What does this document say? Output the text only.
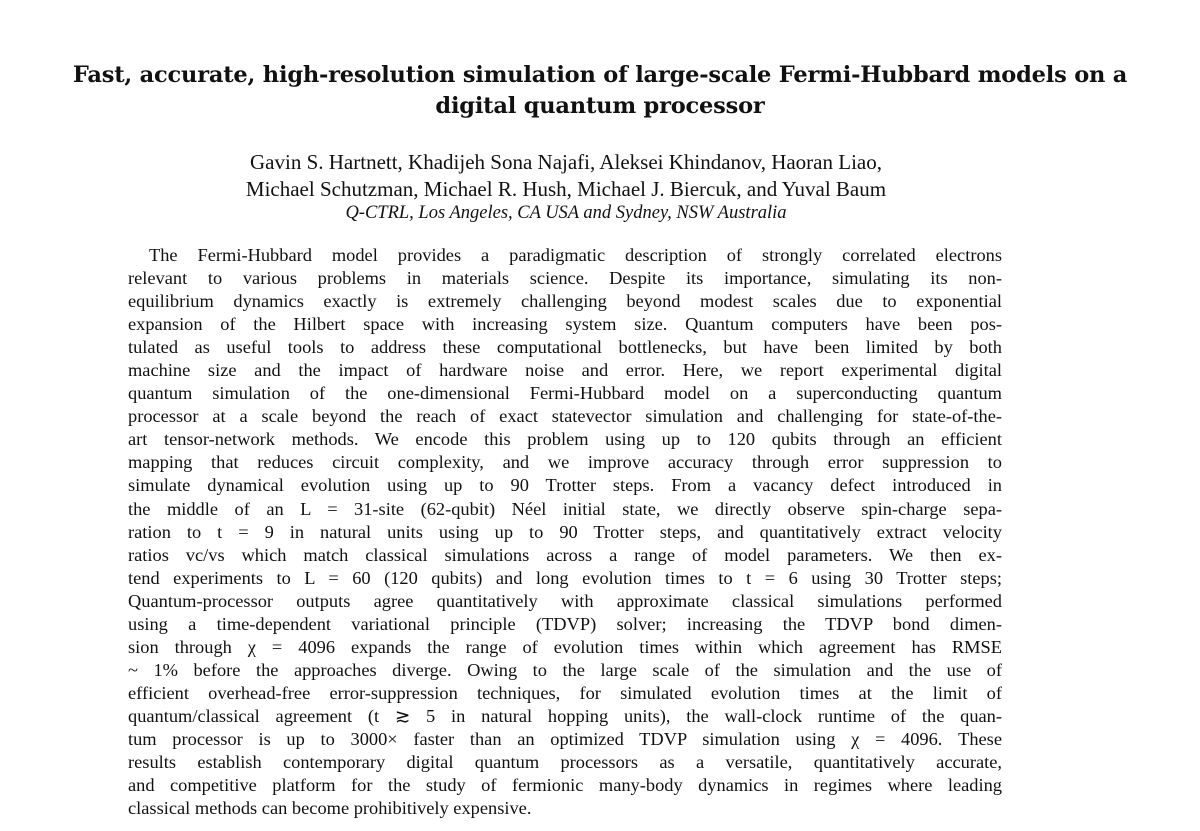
Fast, accurate, high-resolution simulation of large-scale Fermi-Hubbard models on a
digital quantum processor
Gavin S. Hartnett, Khadijeh Sona Najafi, Aleksei Khindanov, Haoran Liao,
Michael Schutzman, Michael R. Hush, Michael J. Biercuk, and Yuval Baum
Q-CTRL, Los Angeles, CA USA and Sydney, NSW Australia
The Fermi-Hubbard model provides a paradigmatic description of strongly correlated electrons
relevant to various problems in materials science. Despite its importance, simulating its non-
equilibrium dynamics exactly is extremely challenging beyond modest scales due to exponential
expansion of the Hilbert space with increasing system size. Quantum computers have been pos-
tulated as useful tools to address these computational bottlenecks, but have been limited by both
machine size and the impact of hardware noise and error. Here, we report experimental digital
quantum simulation of the one-dimensional Fermi-Hubbard model on a superconducting quantum
processor at a scale beyond the reach of exact statevector simulation and challenging for state-of-the-
art tensor-network methods. We encode this problem using up to 120 qubits through an efficient
mapping that reduces circuit complexity, and we improve accuracy through error suppression to
simulate dynamical evolution using up to 90 Trotter steps. From a vacancy defect introduced in
the middle of an L = 31-site (62-qubit) Néel initial state, we directly observe spin-charge sepa-
ration to t = 9 in natural units using up to 90 Trotter steps, and quantitatively extract velocity
ratios vc/vs which match classical simulations across a range of model parameters. We then ex-
tend experiments to L = 60 (120 qubits) and long evolution times to t = 6 using 30 Trotter steps;
Quantum-processor outputs agree quantitatively with approximate classical simulations performed
using a time-dependent variational principle (TDVP) solver; increasing the TDVP bond dimen-
sion through χ = 4096 expands the range of evolution times within which agreement has RMSE
~ 1% before the approaches diverge. Owing to the large scale of the simulation and the use of
efficient overhead-free error-suppression techniques, for simulated evolution times at the limit of
quantum/classical agreement (t ≳ 5 in natural hopping units), the wall-clock runtime of the quan-
tum processor is up to 3000× faster than an optimized TDVP simulation using χ = 4096. These
results establish contemporary digital quantum processors as a versatile, quantitatively accurate,
and competitive platform for the study of fermionic many-body dynamics in regimes where leading
classical methods can become prohibitively expensive.
